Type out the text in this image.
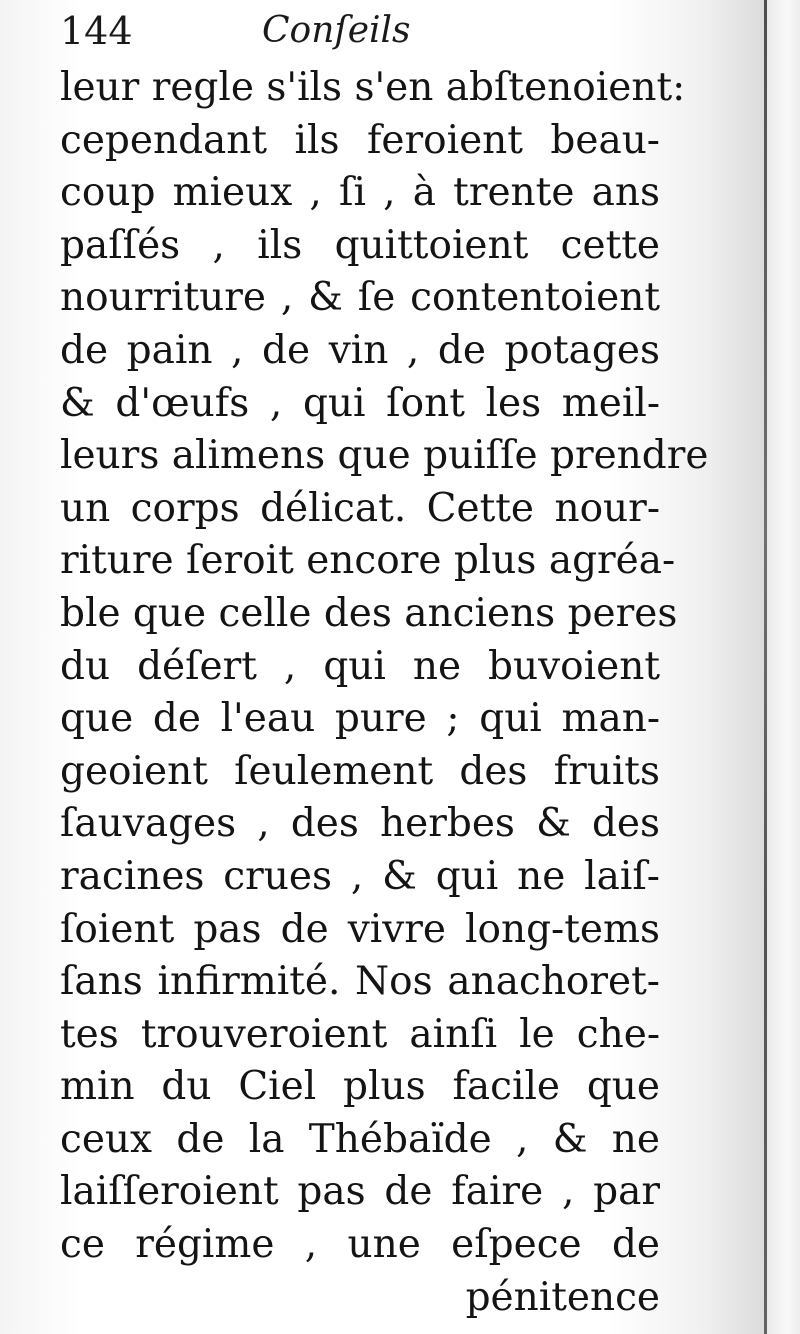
144	Conſeils
leur regle s'ils s'en abſtenoient:
cependant ils feroient beau-
coup mieux , ſi , à trente ans
paſſés , ils quittoient cette
nourriture , & ſe contentoient
de pain , de vin , de potages
& d'œufs , qui ſont les meil-
leurs alimens que puiſſe prendre
un corps délicat. Cette nour-
riture ſeroit encore plus agréa-
ble que celle des anciens peres
du déſert , qui ne buvoient
que de l'eau pure ; qui man-
geoient ſeulement des fruits
ſauvages , des herbes & des
racines crues , & qui ne laiſ-
ſoient pas de vivre long-tems
ſans infirmité. Nos anachoret-
tes trouveroient ainſi le che-
min du Ciel plus facile que
ceux de la Thébaïde , & ne
laiſſeroient pas de faire , par
ce régime , une eſpece de
pénitence
